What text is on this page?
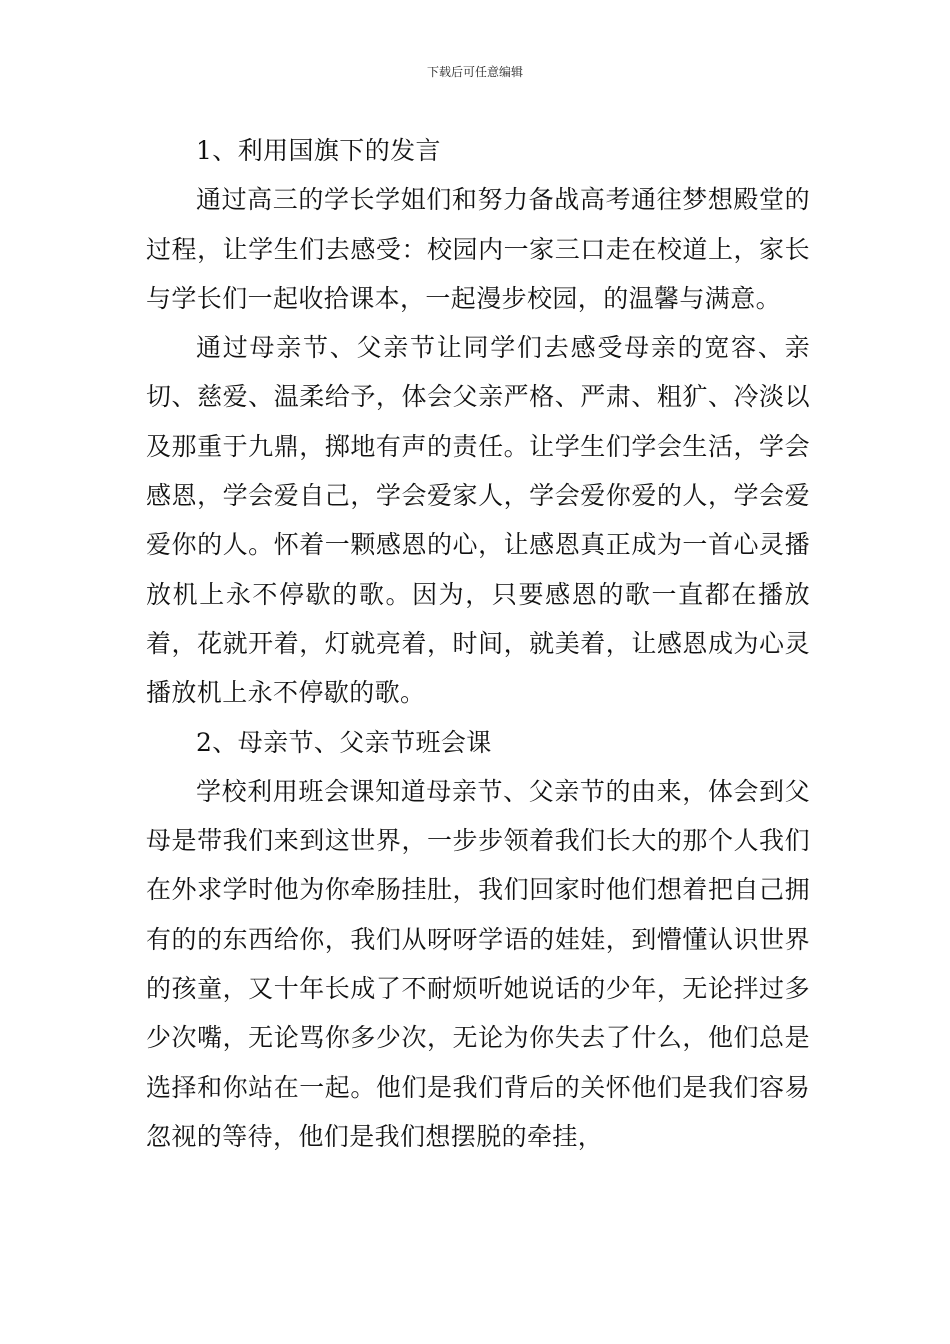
下载后可任意编辑

1、利用国旗下的发言

通过高三的学长学姐们和努力备战高考通往梦想殿堂的过程，让学生们去感受：校园内一家三口走在校道上，家长与学长们一起收拾课本，一起漫步校园，的温馨与满意。

通过母亲节、父亲节让同学们去感受母亲的宽容、亲切、慈爱、温柔给予，体会父亲严格、严肃、粗犷、冷淡以及那重于九鼎，掷地有声的责任。让学生们学会生活，学会感恩，学会爱自己，学会爱家人，学会爱你爱的人，学会爱爱你的人。怀着一颗感恩的心，让感恩真正成为一首心灵播放机上永不停歇的歌。因为，只要感恩的歌一直都在播放着，花就开着，灯就亮着，时间，就美着，让感恩成为心灵播放机上永不停歇的歌。

2、母亲节、父亲节班会课

学校利用班会课知道母亲节、父亲节的由来，体会到父母是带我们来到这世界，一步步领着我们长大的那个人我们在外求学时他为你牵肠挂肚，我们回家时他们想着把自己拥有的的东西给你，我们从呀呀学语的娃娃，到懵懂认识世界的孩童，又十年长成了不耐烦听她说话的少年，无论拌过多少次嘴，无论骂你多少次，无论为你失去了什么，他们总是选择和你站在一起。他们是我们背后的关怀他们是我们容易忽视的等待，他们是我们想摆脱的牵挂，
